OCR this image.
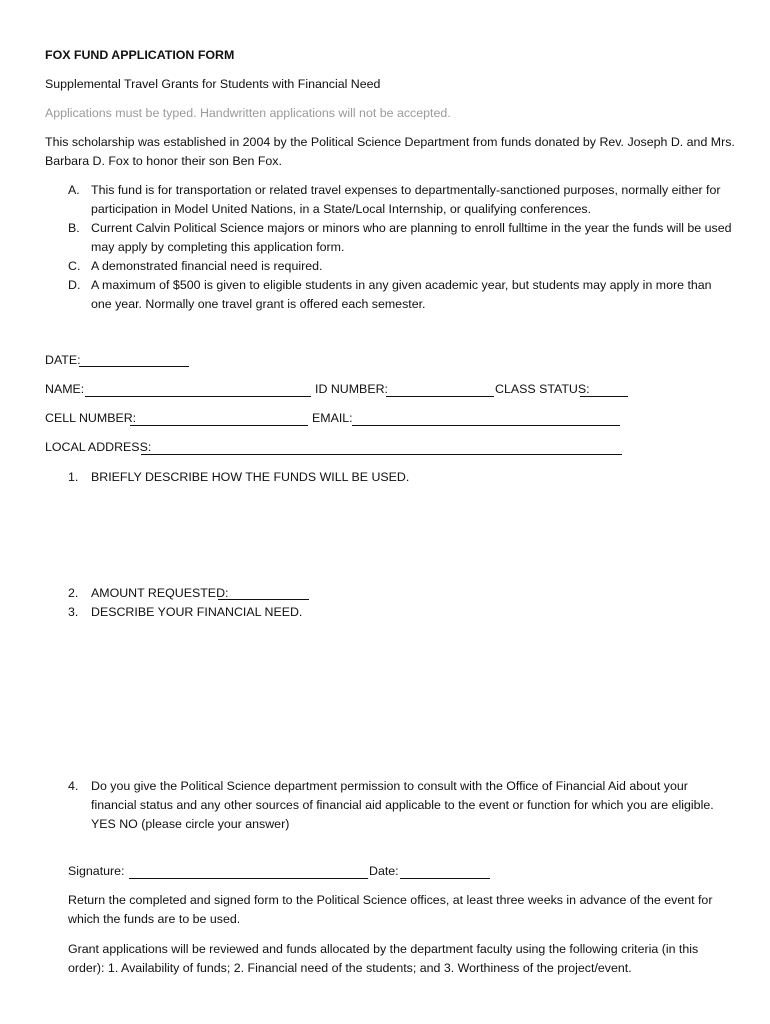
FOX FUND APPLICATION FORM
Supplemental Travel Grants for Students with Financial Need
Applications must be typed. Handwritten applications will not be accepted.
This scholarship was established in 2004 by the Political Science Department from funds donated by Rev. Joseph D. and Mrs. Barbara D. Fox to honor their son Ben Fox.
A. This fund is for transportation or related travel expenses to departmentally-sanctioned purposes, normally either for participation in Model United Nations, in a State/Local Internship, or qualifying conferences.
B. Current Calvin Political Science majors or minors who are planning to enroll fulltime in the year the funds will be used may apply by completing this application form.
C. A demonstrated financial need is required.
D. A maximum of $500 is given to eligible students in any given academic year, but students may apply in more than one year. Normally one travel grant is offered each semester.
DATE:
NAME:	ID NUMBER:	CLASS STATUS:
CELL NUMBER:	EMAIL:
LOCAL ADDRESS:
1. BRIEFLY DESCRIBE HOW THE FUNDS WILL BE USED.
2. AMOUNT REQUESTED:
3. DESCRIBE YOUR FINANCIAL NEED.
4.	Do you give the Political Science department permission to consult with the Office of Financial Aid about your financial status and any other sources of financial aid applicable to the event or function for which you are eligible. YES NO (please circle your answer)
Signature:	Date:
Return the completed and signed form to the Political Science offices, at least three weeks in advance of the event for which the funds are to be used.
Grant applications will be reviewed and funds allocated by the department faculty using the following criteria (in this order): 1. Availability of funds; 2. Financial need of the students; and 3. Worthiness of the project/event.
